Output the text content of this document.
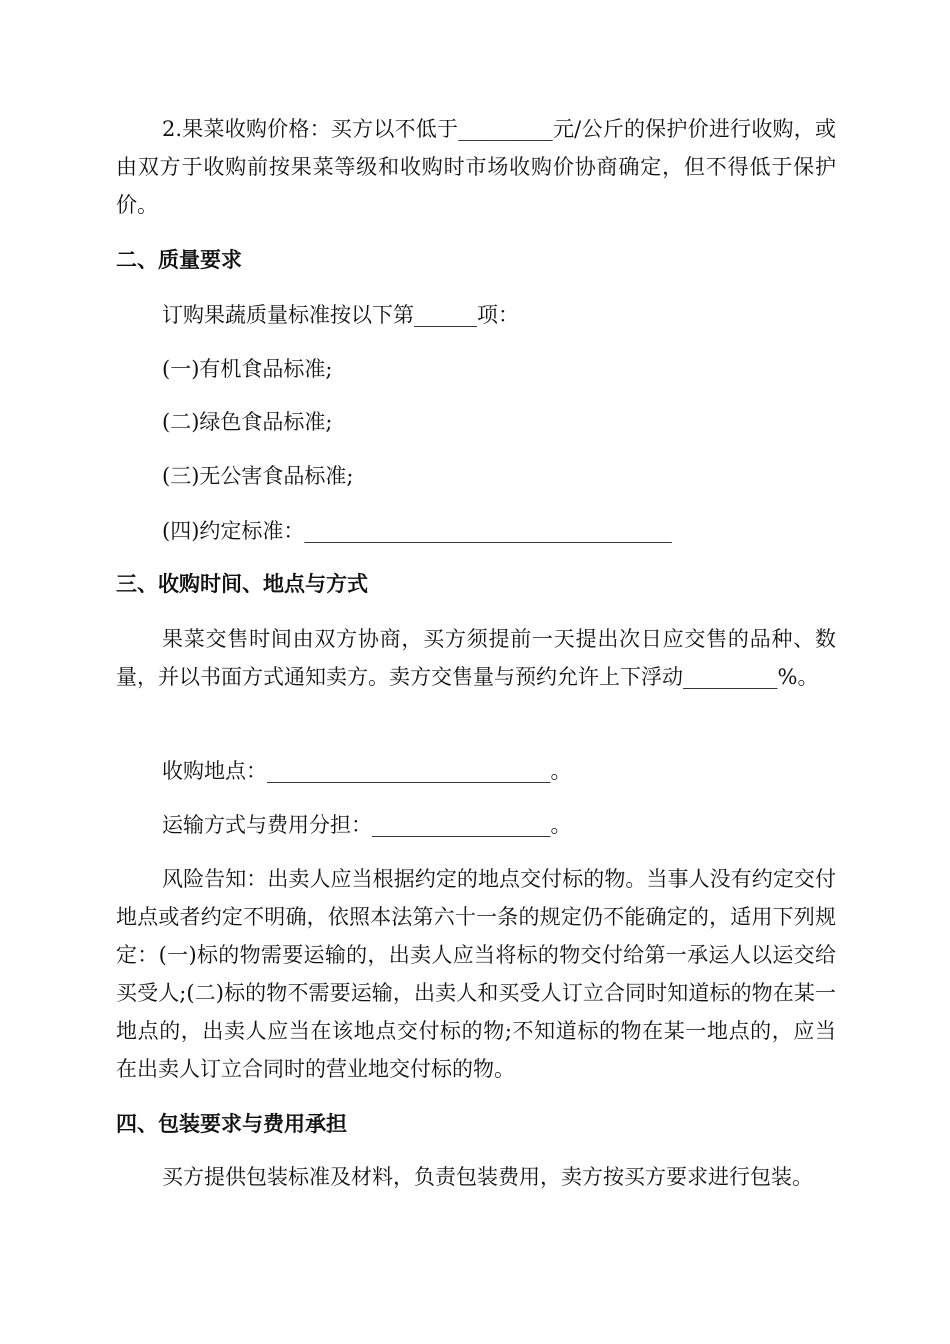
2.果菜收购价格：买方以不低于_________元/公斤的保护价进行收购，或由双方于收购前按果菜等级和收购时市场收购价协商确定，但不得低于保护价。

二、质量要求

订购果蔬质量标准按以下第______项：

(一)有机食品标准;

(二)绿色食品标准;

(三)无公害食品标准;

(四)约定标准：___________________________________

三、收购时间、地点与方式

果菜交售时间由双方协商，买方须提前一天提出次日应交售的品种、数量，并以书面方式通知卖方。卖方交售量与预约允许上下浮动_________%。

收购地点：___________________________。

运输方式与费用分担：_________________。

风险告知：出卖人应当根据约定的地点交付标的物。当事人没有约定交付地点或者约定不明确，依照本法第六十一条的规定仍不能确定的，适用下列规定：(一)标的物需要运输的，出卖人应当将标的物交付给第一承运人以运交给买受人;(二)标的物不需要运输，出卖人和买受人订立合同时知道标的物在某一地点的，出卖人应当在该地点交付标的物;不知道标的物在某一地点的，应当在出卖人订立合同时的营业地交付标的物。

四、包装要求与费用承担

买方提供包装标准及材料，负责包装费用，卖方按买方要求进行包装。
